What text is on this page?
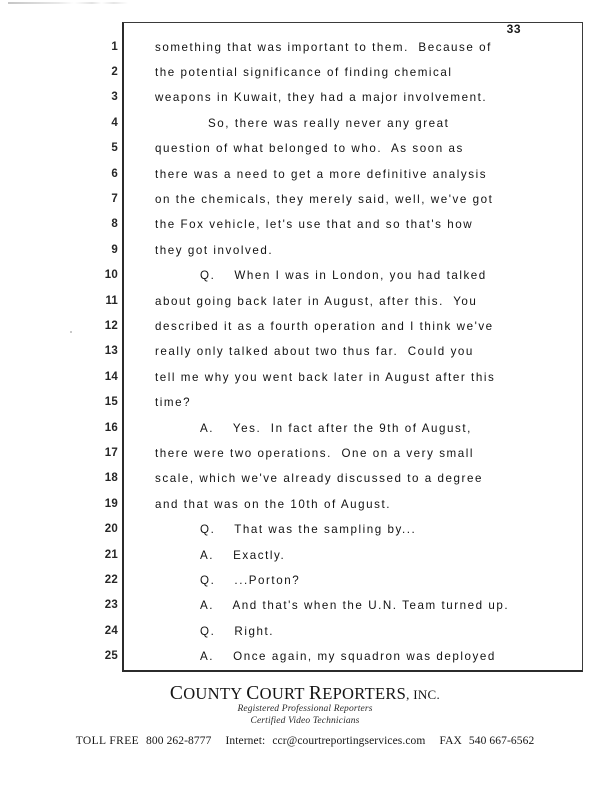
33
1	something that was important to them.  Because of
2	the potential significance of finding chemical
3	weapons in Kuwait, they had a major involvement.
4	So, there was really never any great
5	question of what belonged to who.  As soon as
6	there was a need to get a more definitive analysis
7	on the chemicals, they merely said, well, we've got
8	the Fox vehicle, let's use that and so that's how
9	they got involved.
10	Q.    When I was in London, you had talked
11	about going back later in August, after this.  You
12	described it as a fourth operation and I think we've
13	really only talked about two thus far.  Could you
14	tell me why you went back later in August after this
15	time?
16	A.    Yes.  In fact after the 9th of August,
17	there were two operations.  One on a very small
18	scale, which we've already discussed to a degree
19	and that was on the 10th of August.
20	Q.    That was the sampling by...
21	A.    Exactly.
22	Q.    ...Porton?
23	A.    And that's when the U.N. Team turned up.
24	Q.    Right.
25	A.    Once again, my squadron was deployed
COUNTY COURT REPORTERS, INC.
Registered Professional Reporters
Certified Video Technicians
TOLL FREE 800 262-8777 Internet: ccr@courtreportingservices.com FAX 540 667-6562
